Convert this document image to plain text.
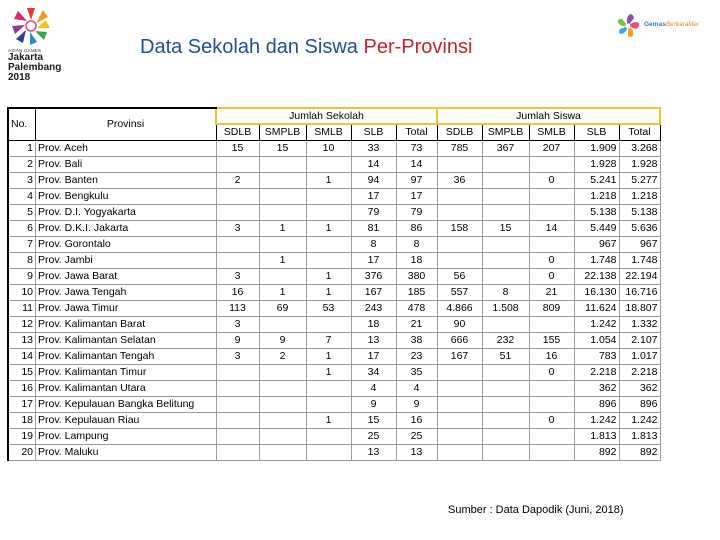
ASIAN GAMES
Jakarta Palembang 2018
GemasBerkarakter
Data Sekolah dan Siswa Per-Provinsi
No.	Provinsi	Jumlah Sekolah					Jumlah Siswa				
		SDLB	SMPLB	SMLB	SLB	Total	SDLB	SMPLB	SMLB	SLB	Total
1	Prov. Aceh	15	15	10	33	73	785	367	207	1.909	3.268
2	Prov. Bali				14	14				1.928	1.928
3	Prov. Banten	2		1	94	97	36		0	5.241	5.277
4	Prov. Bengkulu				17	17				1.218	1.218
5	Prov. D.I. Yogyakarta				79	79				5.138	5.138
6	Prov. D.K.I. Jakarta	3	1	1	81	86	158	15	14	5.449	5.636
7	Prov. Gorontalo				8	8				967	967
8	Prov. Jambi		1		17	18			0	1.748	1.748
9	Prov. Jawa Barat	3		1	376	380	56		0	22.138	22.194
10	Prov. Jawa Tengah	16	1	1	167	185	557	8	21	16.130	16.716
11	Prov. Jawa Timur	113	69	53	243	478	4.866	1.508	809	11.624	18.807
12	Prov. Kalimantan Barat	3			18	21	90			1.242	1.332
13	Prov. Kalimantan Selatan	9	9	7	13	38	666	232	155	1.054	2.107
14	Prov. Kalimantan Tengah	3	2	1	17	23	167	51	16	783	1.017
15	Prov. Kalimantan Timur			1	34	35			0	2.218	2.218
16	Prov. Kalimantan Utara				4	4				362	362
17	Prov. Kepulauan Bangka Belitung				9	9				896	896
18	Prov. Kepulauan Riau			1	15	16			0	1.242	1.242
19	Prov. Lampung				25	25				1.813	1.813
20	Prov. Maluku				13	13				892	892
Sumber : Data Dapodik (Juni, 2018)
